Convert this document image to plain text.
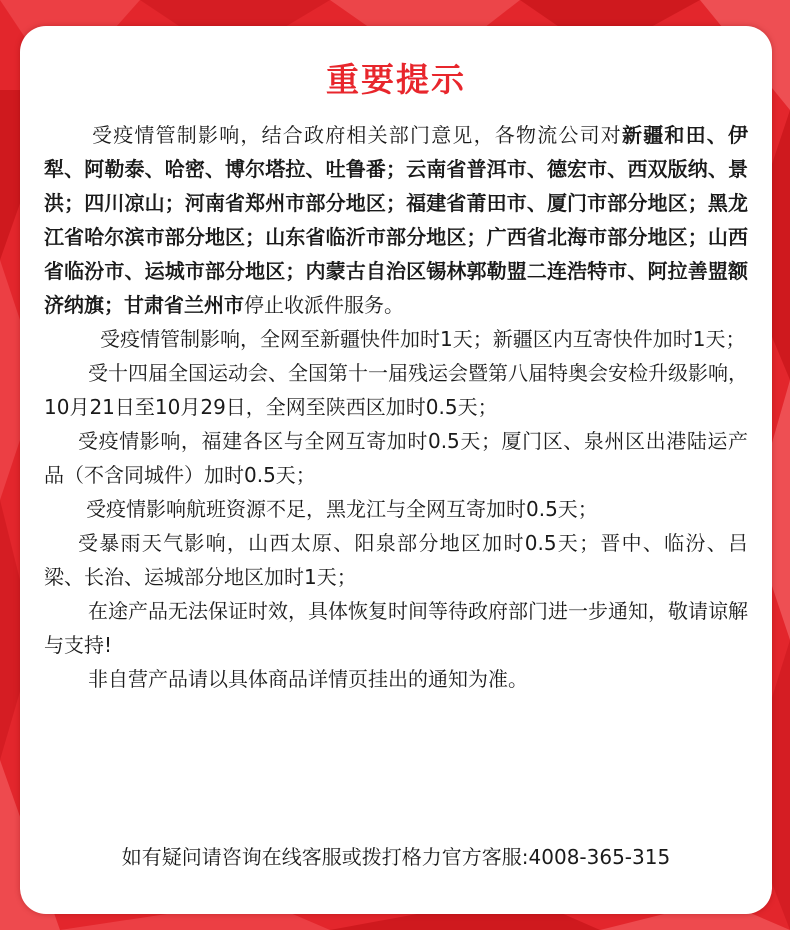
重要提示

受疫情管制影响，结合政府相关部门意见，各物流公司对新疆和田、伊犁、阿勒泰、哈密、博尔塔拉、吐鲁番；云南省普洱市、德宏市、西双版纳、景洪；四川凉山；河南省郑州市部分地区；福建省莆田市、厦门市部分地区；黑龙江省哈尔滨市部分地区；山东省临沂市部分地区；广西省北海市部分地区；山西省临汾市、运城市部分地区；内蒙古自治区锡林郭勒盟二连浩特市、阿拉善盟额济纳旗；甘肃省兰州市停止收派件服务。

受疫情管制影响，全网至新疆快件加时1天；新疆区内互寄快件加时1天；

受十四届全国运动会、全国第十一届残运会暨第八届特奥会安检升级影响，10月21日至10月29日，全网至陕西区加时0.5天；

受疫情影响，福建各区与全网互寄加时0.5天；厦门区、泉州区出港陆运产品（不含同城件）加时0.5天；

受疫情影响航班资源不足，黑龙江与全网互寄加时0.5天；

受暴雨天气影响，山西太原、阳泉部分地区加时0.5天；晋中、临汾、吕梁、长治、运城部分地区加时1天；

在途产品无法保证时效，具体恢复时间等待政府部门进一步通知，敬请谅解与支持!

非自营产品请以具体商品详情页挂出的通知为准。

如有疑问请咨询在线客服或拨打格力官方客服:4008-365-315
